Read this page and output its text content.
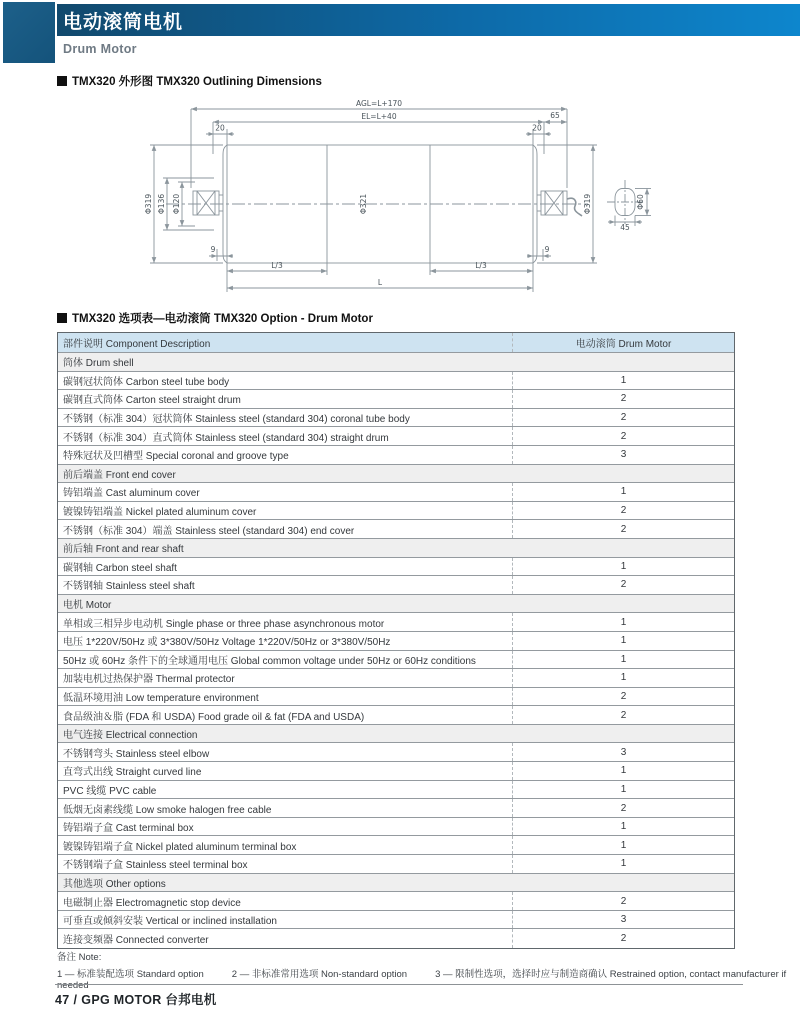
电动滚筒电机
Drum Motor
TMX320 外形图 TMX320 Outlining Dimensions
AGL=L+170
EL=L+40	65
20	20
Φ319 Φ136 Φ120	Φ321	Φ319
9	9
L/3	L/3
L
Φ60
45
TMX320 选项表—电动滚筒 TMX320 Option - Drum Motor
部件说明 Component Description	电动滚筒 Drum Motor
筒体 Drum shell
碳钢冠状筒体 Carbon steel tube body	1
碳钢直式筒体 Carton steel straight drum	2
不锈钢（标准 304）冠状筒体 Stainless steel (standard 304) coronal tube body	2
不锈钢（标准 304）直式筒体 Stainless steel (standard 304) straight drum	2
特殊冠状及凹槽型 Special coronal and groove type	3
前后端盖 Front end cover
铸铝端盖 Cast aluminum cover	1
镀镍铸铝端盖 Nickel plated aluminum cover	2
不锈钢（标准 304）端盖 Stainless steel (standard 304) end cover	2
前后轴 Front and rear shaft
碳钢轴 Carbon steel shaft	1
不锈钢轴 Stainless steel shaft	2
电机 Motor
单相或三相异步电动机 Single phase or three phase asynchronous motor	1
电压 1*220V/50Hz 或 3*380V/50Hz Voltage 1*220V/50Hz or 3*380V/50Hz	1
50Hz 或 60Hz 条件下的全球通用电压 Global common voltage under 50Hz or 60Hz conditions	1
加装电机过热保护器 Thermal protector	1
低温环境用油 Low temperature environment	2
食品级油＆脂 (FDA 和 USDA) Food grade oil & fat (FDA and USDA)	2
电气连接 Electrical connection
不锈钢弯头 Stainless steel elbow	3
直弯式出线 Straight curved line	1
PVC 线缆 PVC cable	1
低烟无卤素线缆 Low smoke halogen free cable	2
铸铝端子盒 Cast terminal box	1
镀镍铸铝端子盒 Nickel plated aluminum terminal box	1
不锈钢端子盒 Stainless steel terminal box	1
其他选项 Other options
电磁制止器 Electromagnetic stop device	2
可垂直或倾斜安装 Vertical or inclined installation	3
连接变频器 Connected converter	2
备注 Note:
1 — 标准装配选项 Standard option	2 — 非标准常用选项 Non-standard option	3 — 限制性选项，选择时应与制造商确认 Restrained option, contact manufacturer if needed
47 / GPG MOTOR 台邦电机
